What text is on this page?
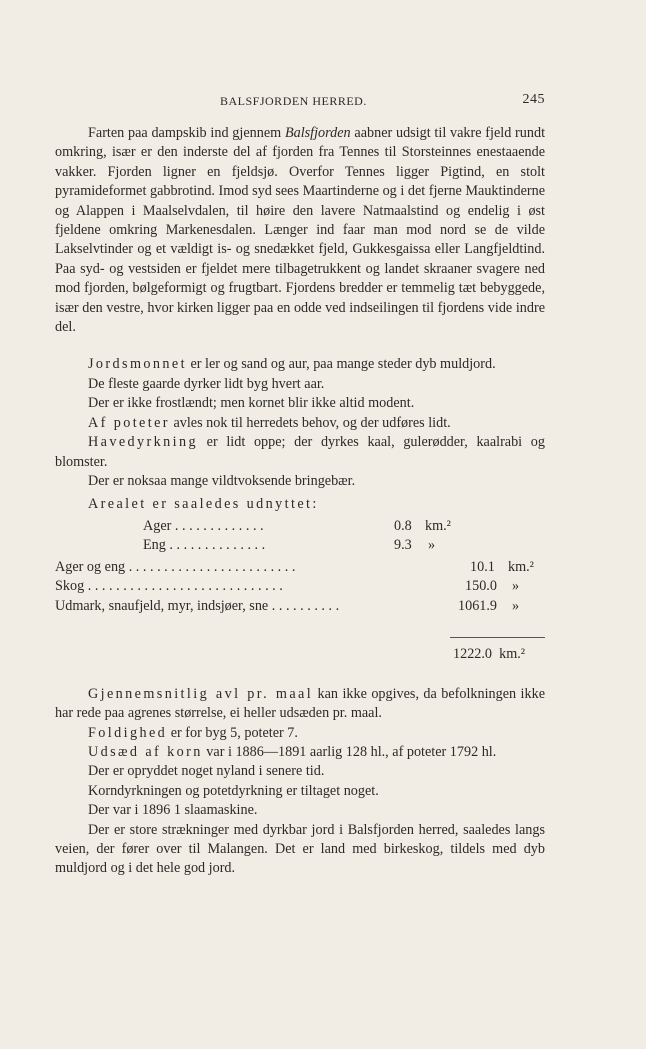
BALSFJORDEN HERRED.	245

Farten paa dampskib ind gjennem Balsfjorden aabner udsigt til vakre fjeld rundt omkring, især er den inderste del af fjorden fra Tennes til Storsteinnes enestaaende vakker. Fjorden ligner en fjeldsjø. Overfor Tennes ligger Pigtind, en stolt pyramideformet gabbrotind. Imod syd sees Maartinderne og i det fjerne Mauktinderne og Alappen i Maalselvdalen, til høire den lavere Natmaalstind og endelig i øst fjeldene omkring Markenesdalen. Længer ind faar man mod nord se de vilde Lakselvtinder og et vældigt is- og snedækket fjeld, Gukkesgaissa eller Langfjeldtind. Paa syd- og vestsiden er fjeldet mere tilbagetrukkent og landet skraaner svagere ned mod fjorden, bølgeformigt og frugtbart. Fjordens bredder er temmelig tæt bebyggede, især den vestre, hvor kirken ligger paa en odde ved indseilingen til fjordens vide indre del.

Jordsmonnet er ler og sand og aur, paa mange steder dyb muldjord.

De fleste gaarde dyrker lidt byg hvert aar.

Der er ikke frostlændt; men kornet blir ikke altid modent.

Af poteter avles nok til herredets behov, og der udføres lidt.

Havedyrkning er lidt oppe; der dyrkes kaal, gulerødder, kaalrabi og blomster.

Der er noksaa mange vildtvoksende bringebær.

Arealet er saaledes udnyttet:

Ager . . . . . . . . . . . . .	0.8 km.²
Eng . . . . . . . . . . . . . .	9.3 »
Ager og eng . . . . . . . . . . . . . . . . . . . . . . . .	10.1 km.²
Skog . . . . . . . . . . . . . . . . . . . . . . . . . . . .	150.0 »
Udmark, snaufjeld, myr, indsjøer, sne . . . . . . . . . .	1061.9 »
1222.0 km.²

Gjennemsnitlig avl pr. maal kan ikke opgives, da befolkningen ikke har rede paa agrenes størrelse, ei heller udsæden pr. maal.

Foldighed er for byg 5, poteter 7.

Udsæd af korn var i 1886—1891 aarlig 128 hl., af poteter 1792 hl.

Der er opryddet noget nyland i senere tid.

Korndyrkningen og potetdyrkning er tiltaget noget.

Der var i 1896 1 slaamaskine.

Der er store strækninger med dyrkbar jord i Balsfjorden herred, saaledes langs veien, der fører over til Malangen. Det er land med birkeskog, tildels med dyb muldjord og i det hele god jord.
